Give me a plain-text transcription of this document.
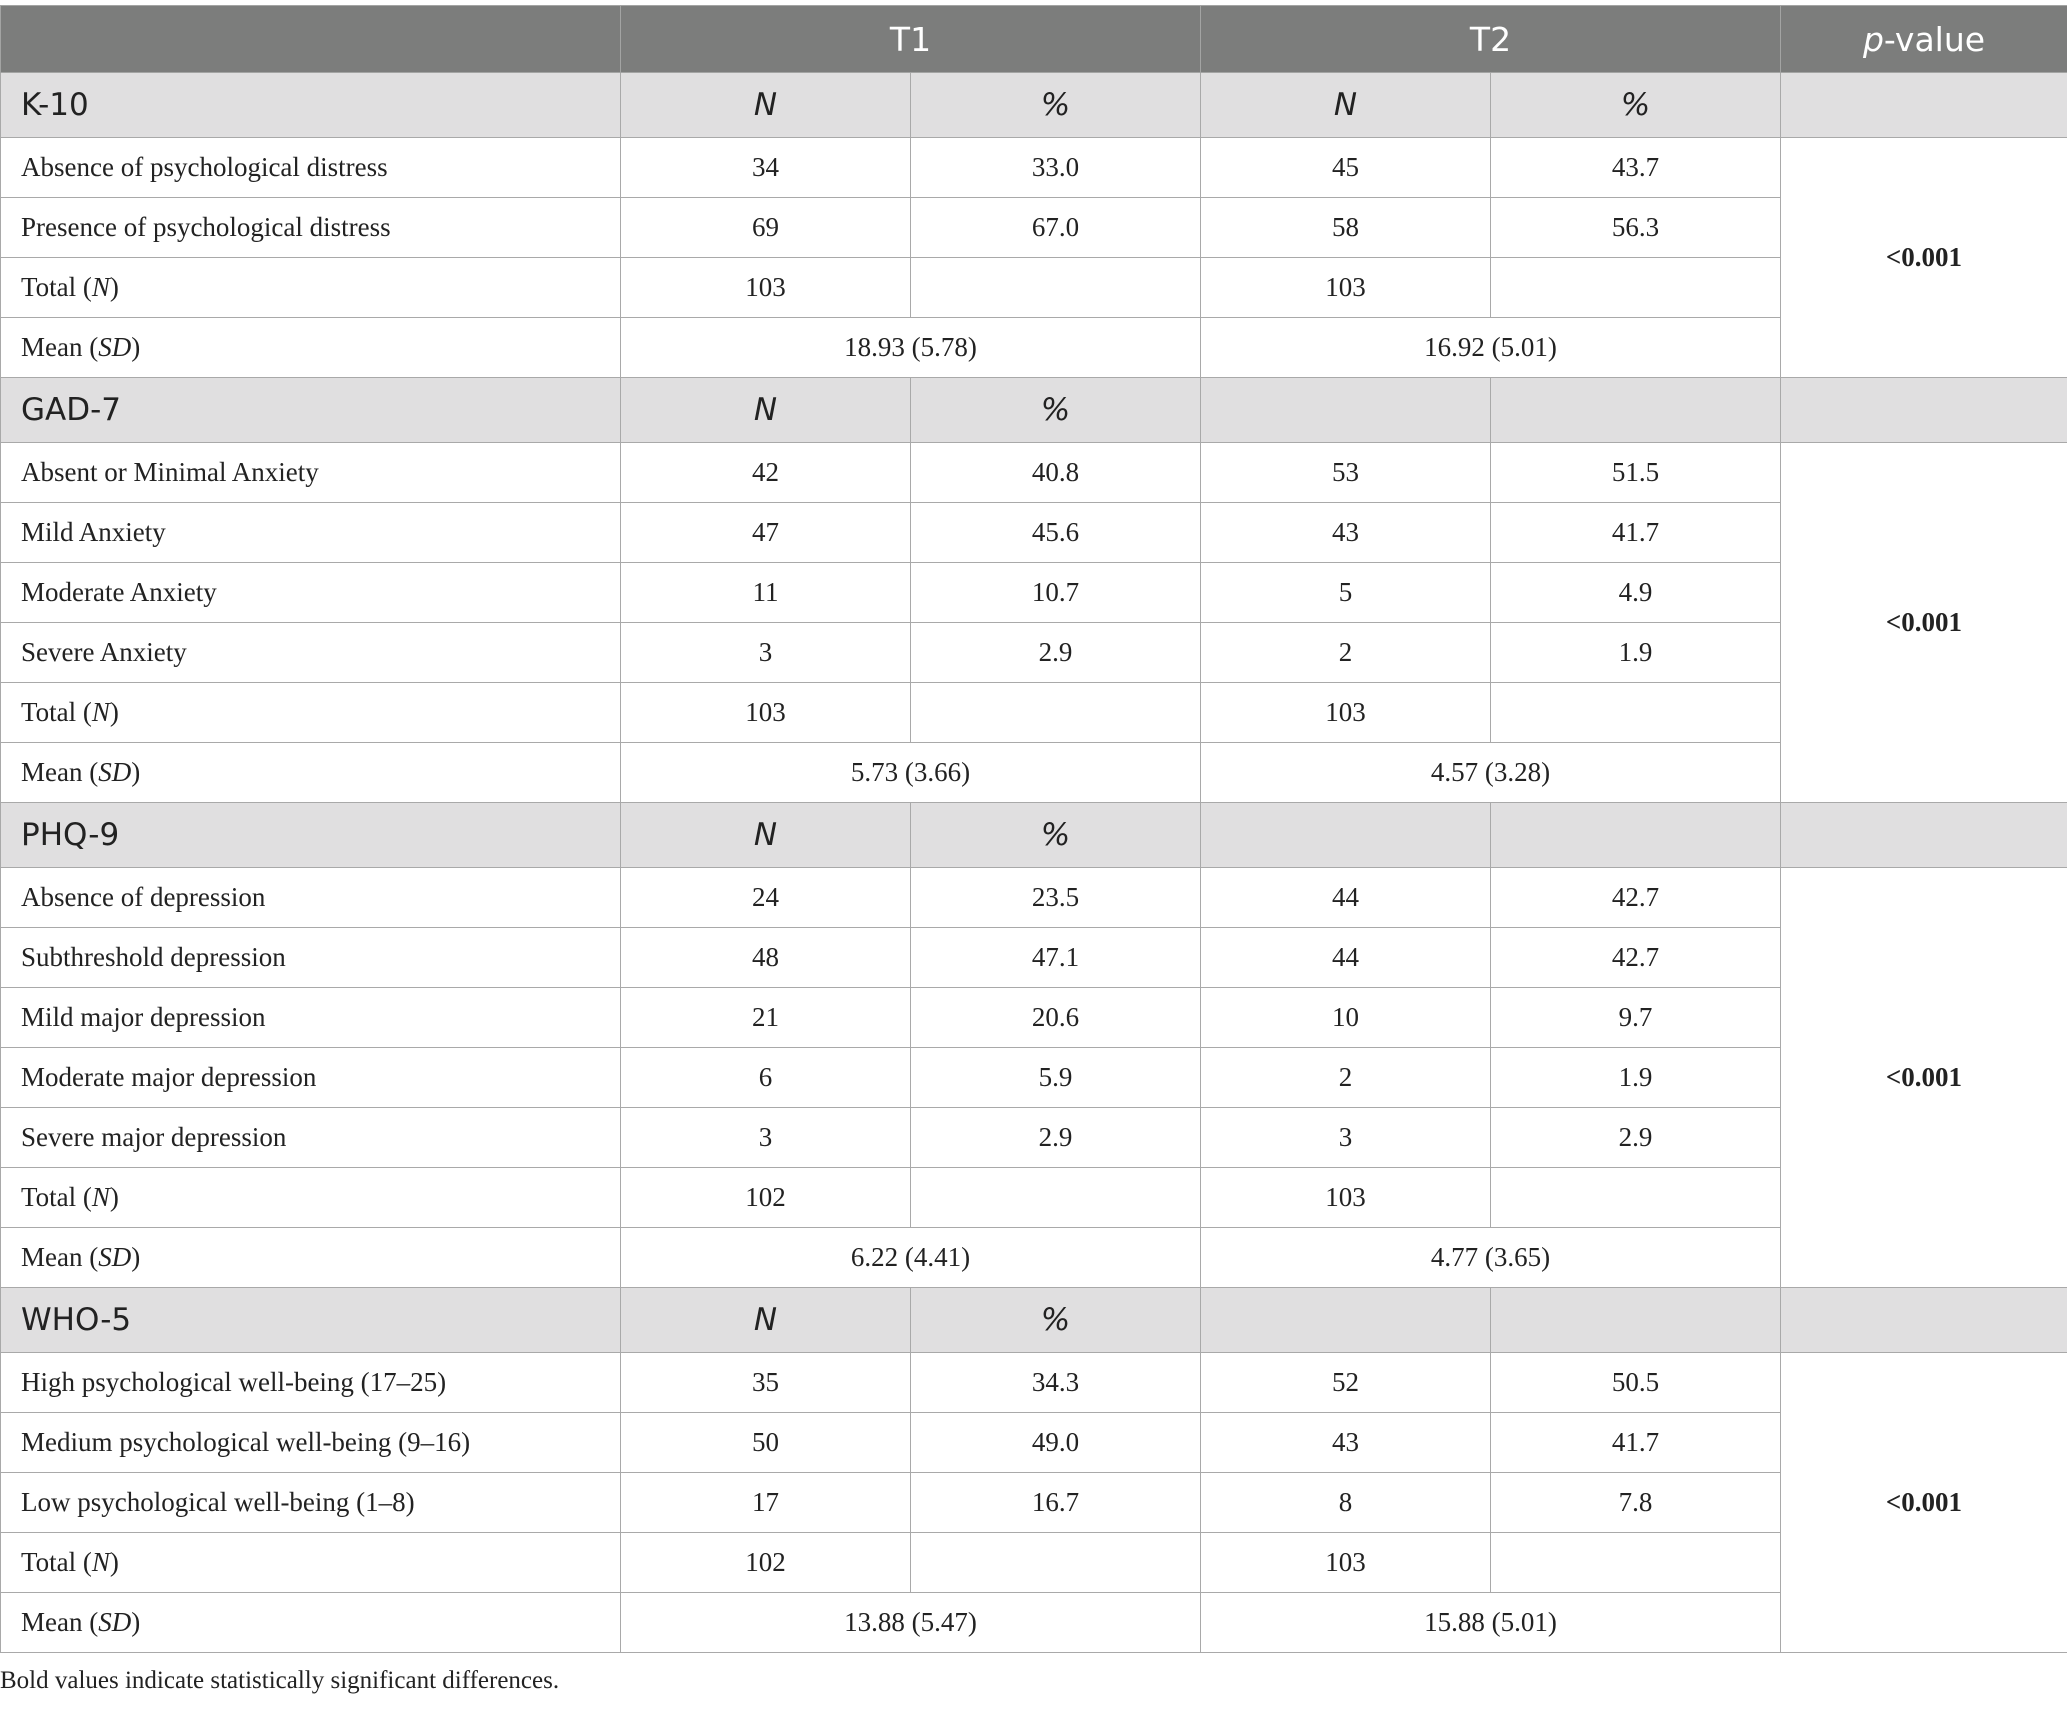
	T1		T2		p-value
K-10	N	%	N	%	
Absence of psychological distress	34	33.0	45	43.7	<0.001
Presence of psychological distress	69	67.0	58	56.3	
Total (N)	103		103		
Mean (SD)	18.93 (5.78)		16.92 (5.01)		
GAD-7	N	%			
Absent or Minimal Anxiety	42	40.8	53	51.5	<0.001
Mild Anxiety	47	45.6	43	41.7	
Moderate Anxiety	11	10.7	5	4.9	
Severe Anxiety	3	2.9	2	1.9	
Total (N)	103		103		
Mean (SD)	5.73 (3.66)		4.57 (3.28)		
PHQ-9	N	%			
Absence of depression	24	23.5	44	42.7	<0.001
Subthreshold depression	48	47.1	44	42.7	
Mild major depression	21	20.6	10	9.7	
Moderate major depression	6	5.9	2	1.9	
Severe major depression	3	2.9	3	2.9	
Total (N)	102		103		
Mean (SD)	6.22 (4.41)		4.77 (3.65)		
WHO-5	N	%			
High psychological well-being (17–25)	35	34.3	52	50.5	<0.001
Medium psychological well-being (9–16)	50	49.0	43	41.7	
Low psychological well-being (1–8)	17	16.7	8	7.8	
Total (N)	102		103		
Mean (SD)	13.88 (5.47)		15.88 (5.01)		
Bold values indicate statistically significant differences.
